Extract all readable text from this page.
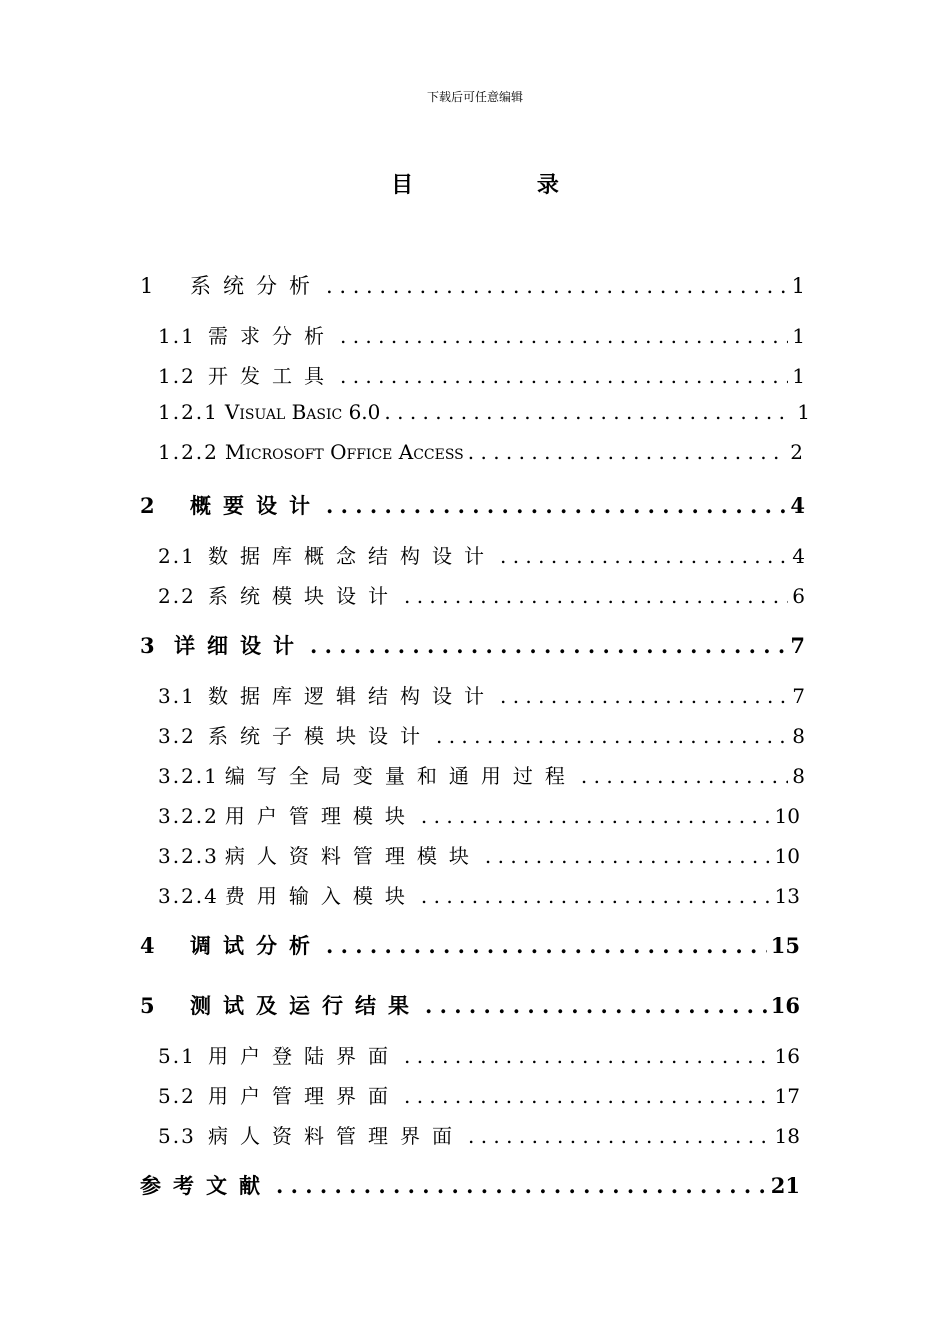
下载后可任意编辑
目 录
1	系统分析 . . .	1
1.1 需求分析 . . .	1
1.2 开发工具 . . .	1
1.2.1 Visual Basic 6.0 . . .	1
1.2.2 Microsoft Office Access . . .	2
2	概要设计 . . .	4
2.1 数据库概念结构设计 . . .	4
2.2 系统模块设计 . . .	6
3 详细设计 . . .	7
3.1 数据库逻辑结构设计 . . .	7
3.2 系统子模块设计 . . .	8
3.2.1 编写全局变量和通用过程 . . .	8
3.2.2 用户管理模块 . . .	10
3.2.3 病人资料管理模块 . . .	10
3.2.4 费用输入模块 . . .	13
4	调试分析 . . .	15
5	测试及运行结果 . . .	16
5.1 用户登陆界面 . . .	16
5.2 用户管理界面 . . .	17
5.3 病人资料管理界面 . . .	18
参考文献 . . .	21
